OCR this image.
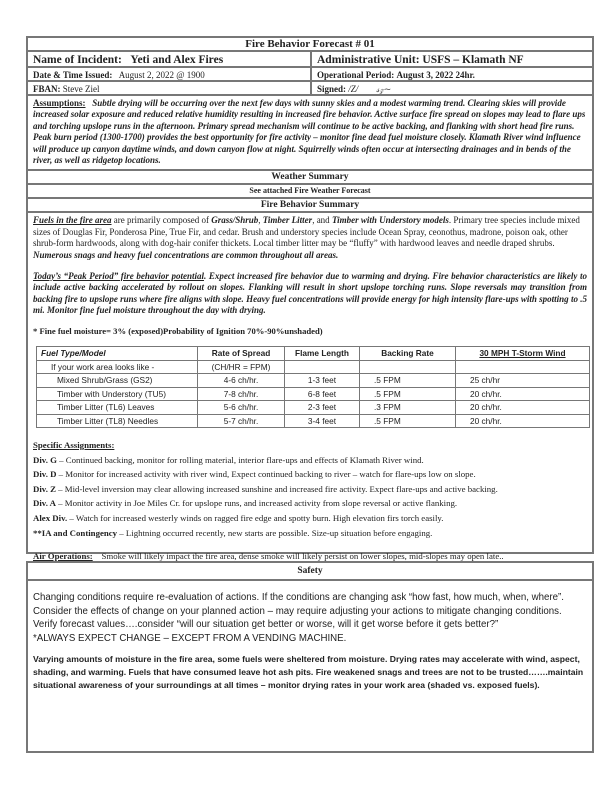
Fire Behavior Forecast # 01
Name of Incident: Yeti and Alex Fires	Administrative Unit: USFS – Klamath NF
Date & Time Issued: August 2, 2022 @ 1900	Operational Period: August 3, 2022 24hr.
FBAN: Steve Ziel	Signed: /Z/ 𝓈𝓏~
Assumptions: Subtle drying will be occurring over the next few days with sunny skies and a modest warming trend. Clearing skies will provide increased solar exposure and reduced relative humidity resulting in increased fire behavior. Active surface fire spread on slopes may lead to flare ups and torching upslope runs in the afternoon. Primary spread mechanism will continue to be active backing, and flanking with short head fire runs. Peak burn period (1300-1700) provides the best opportunity for fire activity – monitor fine dead fuel moisture closely. Klamath River wind influence will produce up canyon daytime winds, and down canyon flow at night. Squirrelly winds often occur at intersecting drainages and in bends of the river, as well as ridgetop locations.
Weather Summary
See attached Fire Weather Forecast
Fire Behavior Summary
Fuels in the fire area are primarily composed of Grass/Shrub, Timber Litter, and Timber with Understory models. Primary tree species include mixed sizes of Douglas Fir, Ponderosa Pine, True Fir, and cedar. Brush and understory species include Ocean Spray, ceonothus, madrone, poison oak, other shrub-form hardwoods, along with dog-hair conifer thickets. Local timber litter may be “fluffy” with hardwood leaves and needle draped shrubs. Numerous snags and heavy fuel concentrations are common throughout all areas.
Today’s “Peak Period” fire behavior potential. Expect increased fire behavior due to warming and drying. Fire behavior characteristics are likely to include active backing accelerated by rollout on slopes. Flanking will result in short upslope torching runs. Slope reversals may transition from backing fire to upslope runs where fire aligns with slope. Heavy fuel concentrations will provide energy for high intensity flare-ups with spotting to .5 mi. Monitor fine fuel moisture throughout the day with drying.
* Fine fuel moisture= 3% (exposed)Probability of Ignition 70%-90%unshaded)
Fuel Type/Model	Rate of Spread	Flame Length	Backing Rate	30 MPH T-Storm Wind
If your work area looks like -	(CH/HR = FPM)			
Mixed Shrub/Grass (GS2)	4-6 ch/hr.	1-3 feet	.5 FPM	25 ch/hr
Timber with Understory (TU5)	7-8 ch/hr.	6-8 feet	.5 FPM	20 ch/hr.
Timber Litter (TL6) Leaves	5-6 ch/hr.	2-3 feet	.3 FPM	20 ch/hr.
Timber Litter (TL8) Needles	5-7 ch/hr.	3-4 feet	.5 FPM	20 ch/hr.
Specific Assignments:
Div. G – Continued backing, monitor for rolling material, interior flare-ups and effects of Klamath River wind.
Div. D – Monitor for increased activity with river wind, Expect continued backing to river – watch for flare-ups low on slope.
Div. Z – Mid-level inversion may clear allowing increased sunshine and increased fire activity. Expect flare-ups and active backing.
Div. A – Monitor activity in Joe Miles Cr. for upslope runs, and increased activity from slope reversal or active flanking.
Alex Div. – Watch for increased westerly winds on ragged fire edge and spotty burn. High elevation firs torch easily.
**IA and Contingency – Lightning occurred recently, new starts are possible. Size-up situation before engaging.
Air Operations: Smoke will likely impact the fire area, dense smoke will likely persist on lower slopes, mid-slopes may open late..
Safety
Changing conditions require re-evaluation of actions. If the conditions are changing ask “how fast, how much, when, where”. Consider the effects of change on your planned action – may require adjusting your actions to mitigate changing conditions. Verify forecast values….consider “will our situation get better or worse, will it get worse before it gets better?”
*ALWAYS EXPECT CHANGE – EXCEPT FROM A VENDING MACHINE.
Varying amounts of moisture in the fire area, some fuels were sheltered from moisture. Drying rates may accelerate with wind, aspect, shading, and warming. Fuels that have consumed leave hot ash pits. Fire weakened snags and trees are not to be trusted…….maintain situational awareness of your surroundings at all times – monitor drying rates in your work area (shaded vs. exposed fuels).
